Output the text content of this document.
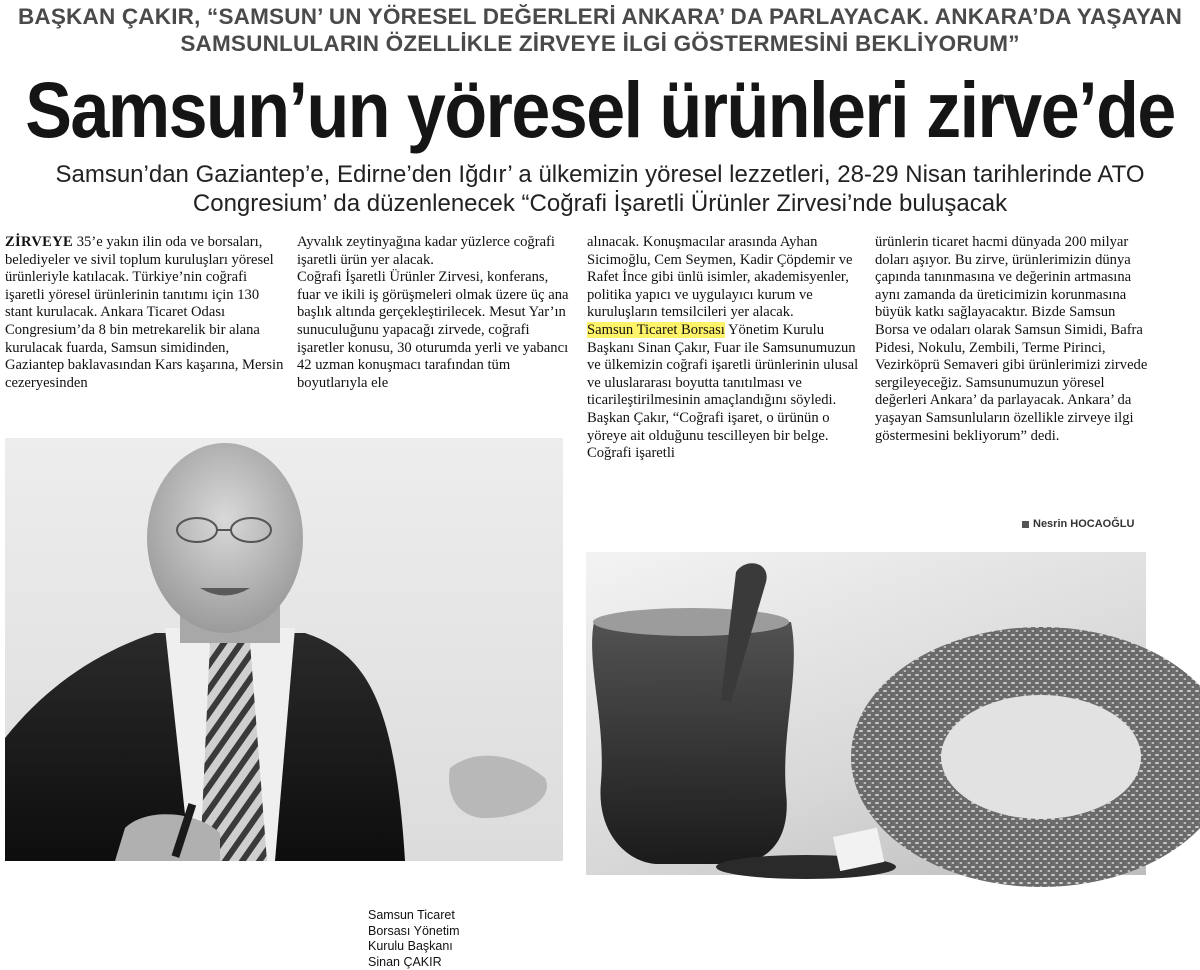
BAŞKAN ÇAKIR, “SAMSUN’ UN YÖRESEL DEĞERLERİ ANKARA’ DA PARLAYACAK. ANKARA’DA YAŞAYAN SAMSUNLULARIN ÖZELLİKLE ZİRVEYE İLGİ GÖSTERMESİNİ BEKLİYORUM”
Samsun’un yöresel ürünleri zirve’de
Samsun’dan Gaziantep’e, Edirne’den Iğdır’ a ülkemizin yöresel lezzetleri, 28-29 Nisan tarihlerinde ATO Congresium’ da düzenlenecek “Coğrafi İşaretli Ürünler Zirvesi’nde buluşacak
ZİRVEYE 35’e yakın ilin oda ve borsaları, belediyeler ve sivil toplum kuruluşları yöresel ürünleriyle katılacak. Türkiye’nin coğrafi işaretli yöresel ürünlerinin tanıtımı için 130 stant kurulacak. Ankara Ticaret Odası Congresium’da 8 bin metrekarelik bir alana kurulacak fuarda, Samsun simidinden, Gaziantep baklavasından Kars kaşarına, Mersin cezeryesinden
Ayvalık zeytinyağına kadar yüzlerce coğrafi işaretli ürün yer alacak.
Coğrafi İşaretli Ürünler Zirvesi, konferans, fuar ve ikili iş görüşmeleri olmak üzere üç ana başlık altında gerçekleştirilecek. Mesut Yar’ın sunuculuğunu yapacağı zirvede, coğrafi işaretler konusu, 30 oturumda yerli ve yabancı 42 uzman konuşmacı tarafından tüm boyutlarıyla ele
alınacak. Konuşmacılar arasında Ayhan Sicimoğlu, Cem Seymen, Kadir Çöpdemir ve Rafet İnce gibi ünlü isimler, akademisyenler, politika yapıcı ve uygulayıcı kurum ve kuruluşların temsilcileri yer alacak.
Samsun Ticaret Borsası Yönetim Kurulu Başkanı Sinan Çakır, Fuar ile Samsunumuzun ve ülkemizin coğrafi işaretli ürünlerinin ulusal ve uluslararası boyutta tanıtılması ve ticarileştirilmesinin amaçlandığını söyledi.
Başkan Çakır, “Coğrafi işaret, o ürünün o yöreye ait olduğunu tescilleyen bir belge. Coğrafi işaretli
ürünlerin ticaret hacmi dünyada 200 milyar doları aşıyor. Bu zirve, ürünlerimizin dünya çapında tanınmasına ve değerinin artmasına aynı zamanda da üreticimizin korunmasına büyük katkı sağlayacaktır. Bizde Samsun Borsa ve odaları olarak Samsun Simidi, Bafra Pidesi, Nokulu, Zembili, Terme Pirinci, Vezirköprü Semaveri gibi ürünlerimizi zirvede sergileyeceğiz. Samsunumuzun yöresel değerleri Ankara’ da parlayacak. Ankara’ da yaşayan Samsunluların özellikle zirveye ilgi göstermesini bekliyorum” dedi.
Nesrin HOCAOĞLU
Samsun Ticaret
Borsası Yönetim
Kurulu Başkanı
Sinan ÇAKIR
